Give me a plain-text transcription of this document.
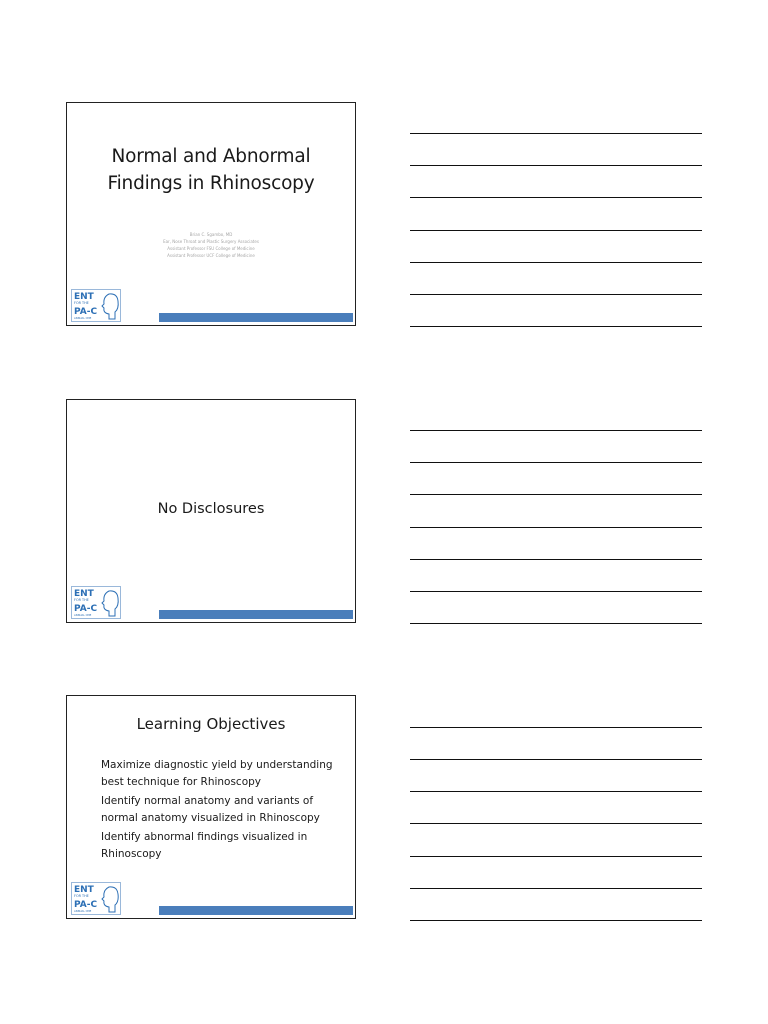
Normal and Abnormal
Findings in Rhinoscopy
Brian C. Sgambo, MD
Ear, Nose Throat and Plastic Surgery Associates
Assistant Professor FSU College of Medicine
Assistant Professor UCF College of Medicine
ENT
FOR THE
PA-C
ANNUAL CME
No Disclosures
ENT
FOR THE
PA-C
ANNUAL CME
Learning Objectives
Maximize diagnostic yield by understanding best technique for Rhinoscopy
Identify normal anatomy and variants of normal anatomy visualized in Rhinoscopy
Identify abnormal findings visualized in Rhinoscopy
ENT
FOR THE
PA-C
ANNUAL CME
